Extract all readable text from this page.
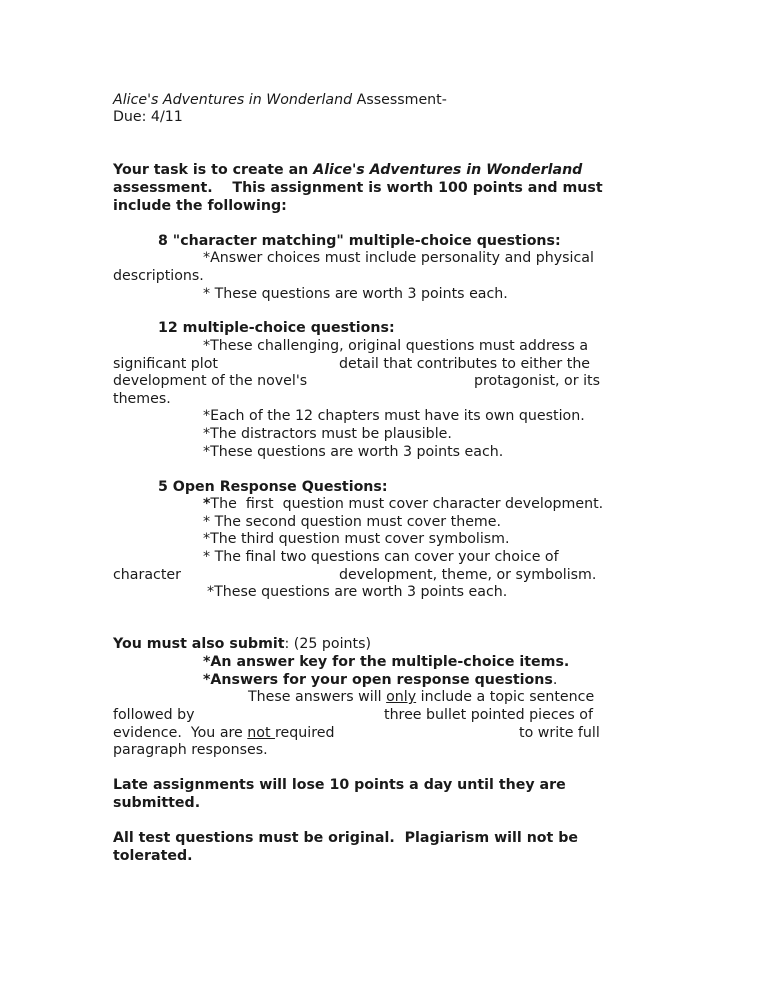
Alice's Adventures in Wonderland Assessment-
Due: 4/11
Your task is to create an Alice's Adventures in Wonderland
assessment.    This assignment is worth 100 points and must
include the following:
8 "character matching" multiple-choice questions:
*Answer choices must include personality and physical
descriptions.
* These questions are worth 3 points each.
12 multiple-choice questions:
*These challenging, original questions must address a
significant plot	detail that contributes to either the
development of the novel's	protagonist, or its
themes.
*Each of the 12 chapters must have its own question.
*The distractors must be plausible.
*These questions are worth 3 points each.
5 Open Response Questions:
*The  first  question must cover character development.
* The second question must cover theme.
*The third question must cover symbolism.
* The final two questions can cover your choice of
character	development, theme, or symbolism.
*These questions are worth 3 points each.
You must also submit: (25 points)
*An answer key for the multiple-choice items.
*Answers for your open response questions.
These answers will only include a topic sentence
followed by	three bullet pointed pieces of
evidence.  You are not required	to write full
paragraph responses.
Late assignments will lose 10 points a day until they are
submitted.
All test questions must be original.  Plagiarism will not be
tolerated.
